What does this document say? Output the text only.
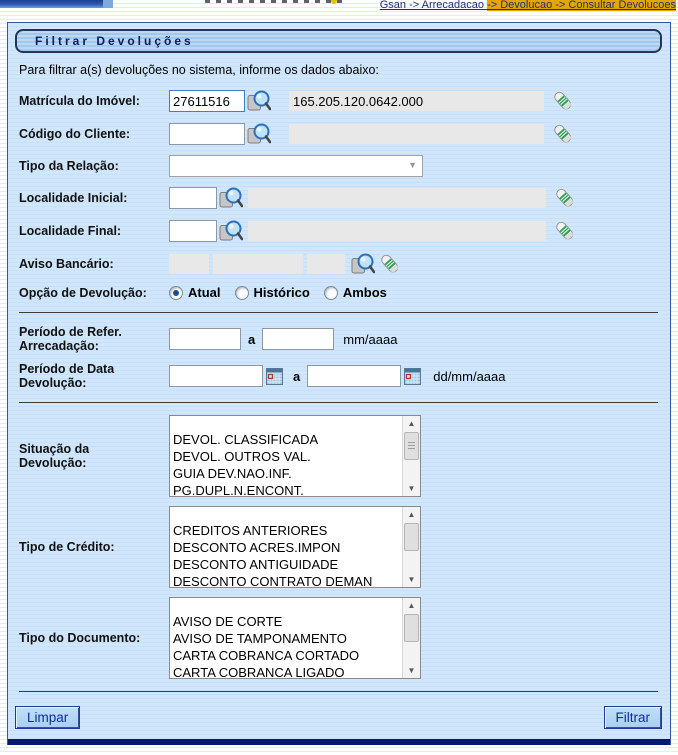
Gsan -> Arrecadacao -> Devolucao -> Consultar Devolucoes
Filtrar Devoluções
Para filtrar a(s) devoluções no sistema, informe os dados abaixo:
Matrícula do Imóvel:
27611516	165.205.120.0642.000
Código do Cliente:
Tipo da Relação:	▼
Localidade Inicial:
Localidade Final:
Aviso Bancário:
Opção de Devolução:	Atual	Histórico	Ambos
Período de Refer.
Arrecadação:	a	mm/aaaa
Período de Data
Devolução:	a	dd/mm/aaaa
Situação da
Devolução:
DEVOL. CLASSIFICADA
DEVOL. OUTROS VAL.
GUIA DEV.NAO.INF.
PG.DUPL.N.ENCONT.
▲
▼
Tipo de Crédito:
CREDITOS ANTERIORES
DESCONTO ACRES.IMPON
DESCONTO ANTIGUIDADE
DESCONTO CONTRATO DEMAN
▲
▼
Tipo do Documento:
AVISO DE CORTE
AVISO DE TAMPONAMENTO
CARTA COBRANCA CORTADO
CARTA COBRANCA LIGADO
▲
▼
Limpar	Filtrar
